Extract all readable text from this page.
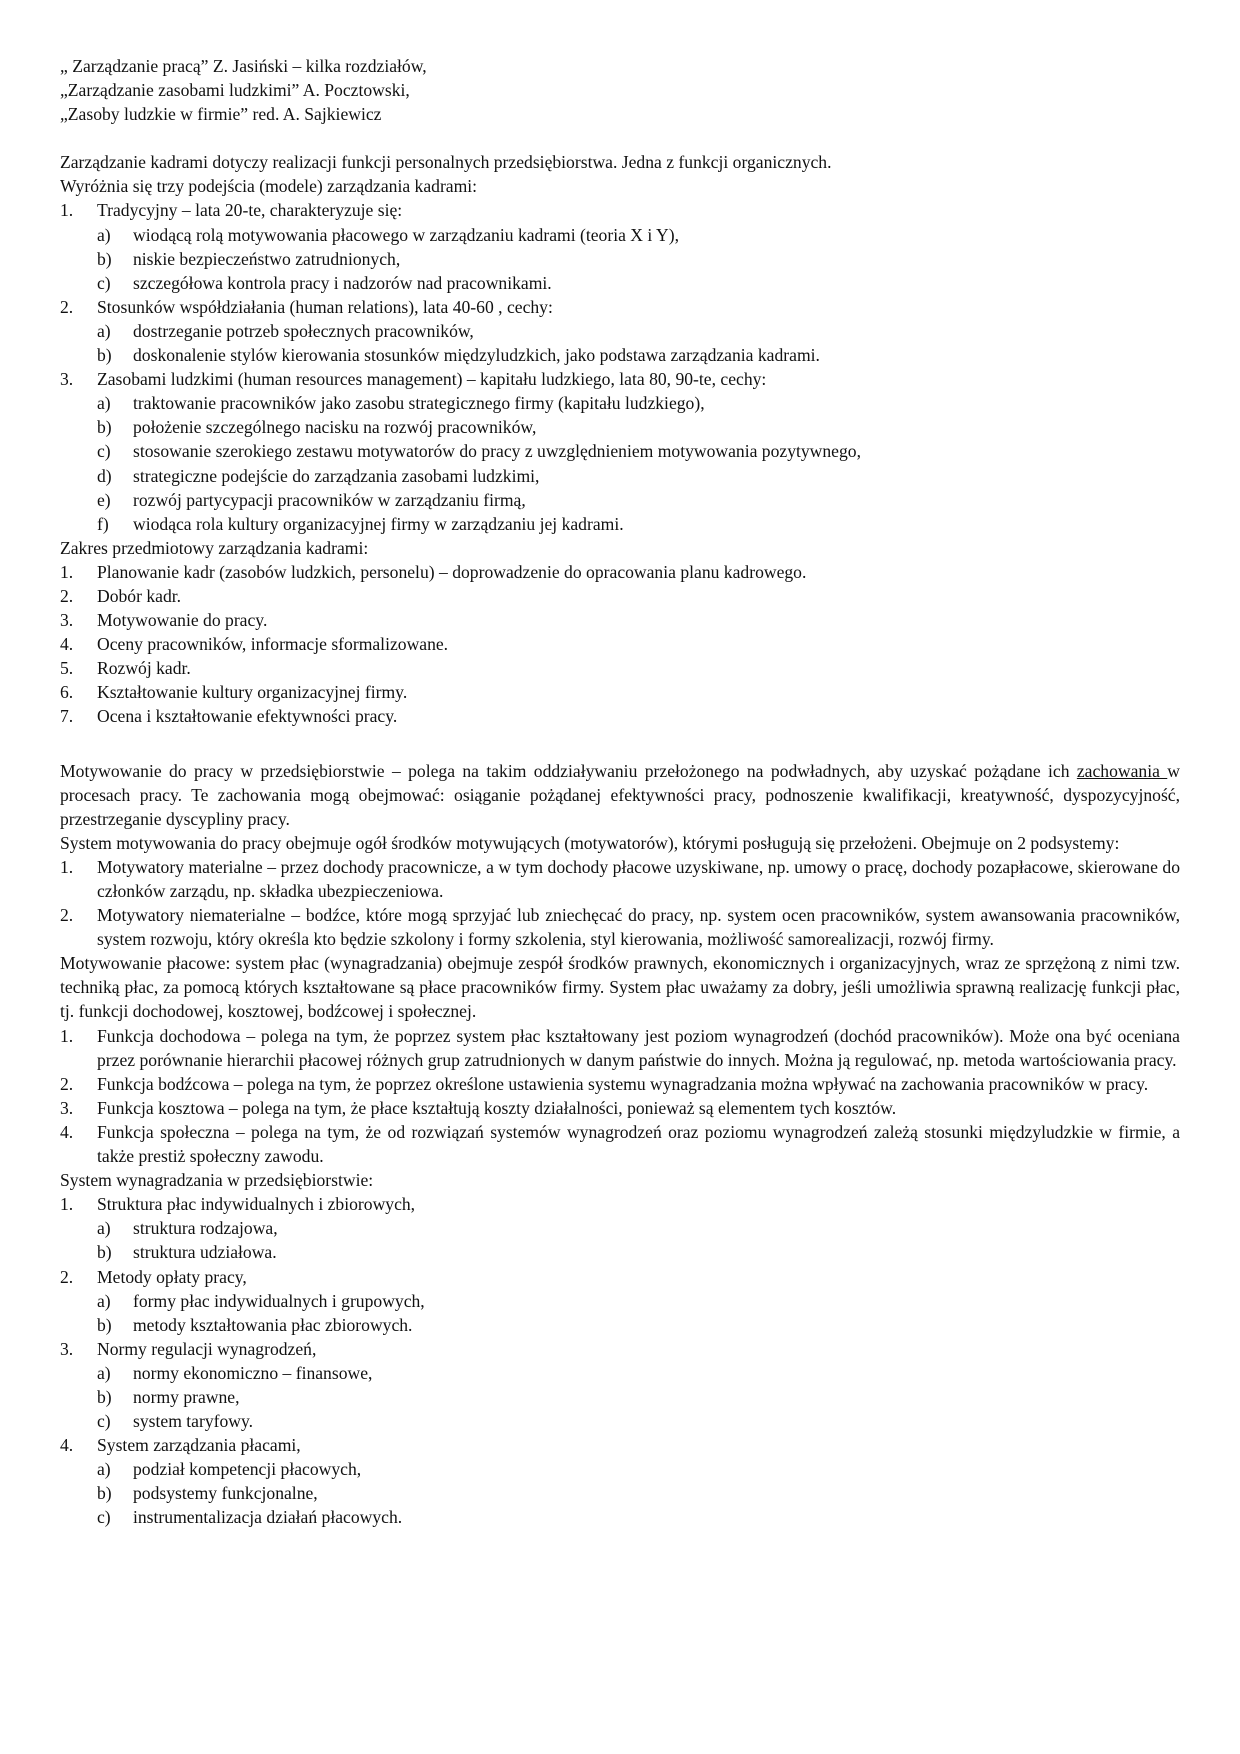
„ Zarządzanie pracą” Z. Jasiński – kilka rozdziałów,
„Zarządzanie zasobami ludzkimi” A. Pocztowski,
„Zasoby ludzkie w firmie” red. A. Sajkiewicz
Zarządzanie kadrami dotyczy realizacji funkcji personalnych przedsiębiorstwa. Jedna z funkcji organicznych.
Wyróżnia się trzy podejścia (modele) zarządzania kadrami:
1. Tradycyjny – lata 20-te, charakteryzuje się:
a) wiodącą rolą motywowania płacowego w zarządzaniu kadrami (teoria X i Y),
b) niskie bezpieczeństwo zatrudnionych,
c) szczegółowa kontrola pracy i nadzorów nad pracownikami.
2. Stosunków współdziałania (human relations), lata 40-60 , cechy:
a) dostrzeganie potrzeb społecznych pracowników,
b) doskonalenie stylów kierowania stosunków międzyludzkich, jako podstawa zarządzania kadrami.
3. Zasobami ludzkimi (human resources management) – kapitału ludzkiego, lata 80, 90-te, cechy:
a) traktowanie pracowników jako zasobu strategicznego firmy (kapitału ludzkiego),
b) położenie szczególnego nacisku na rozwój pracowników,
c) stosowanie szerokiego zestawu motywatorów do pracy z uwzględnieniem motywowania pozytywnego,
d) strategiczne podejście do zarządzania zasobami ludzkimi,
e) rozwój partycypacji pracowników w zarządzaniu firmą,
f) wiodąca rola kultury organizacyjnej firmy w zarządzaniu jej kadrami.
Zakres przedmiotowy zarządzania kadrami:
1. Planowanie kadr (zasobów ludzkich, personelu) – doprowadzenie do opracowania planu kadrowego.
2. Dobór kadr.
3. Motywowanie do pracy.
4. Oceny pracowników, informacje sformalizowane.
5. Rozwój kadr.
6. Kształtowanie kultury organizacyjnej firmy.
7. Ocena i kształtowanie efektywności pracy.
Motywowanie do pracy w przedsiębiorstwie – polega na takim oddziaływaniu przełożonego na podwładnych, aby uzyskać pożądane ich zachowania w procesach pracy. Te zachowania mogą obejmować: osiąganie pożądanej efektywności pracy, podnoszenie kwalifikacji, kreatywność, dyspozycyjność, przestrzeganie dyscypliny pracy.
System motywowania do pracy obejmuje ogół środków motywujących (motywatorów), którymi posługują się przełożeni. Obejmuje on 2 podsystemy:
1. Motywatory materialne – przez dochody pracownicze, a w tym dochody płacowe uzyskiwane, np. umowy o pracę, dochody pozapłacowe, skierowane do członków zarządu, np. składka ubezpieczeniowa.
2. Motywatory niematerialne – bodźce, które mogą sprzyjać lub zniechęcać do pracy, np. system ocen pracowników, system awansowania pracowników, system rozwoju, który określa kto będzie szkolony i formy szkolenia, styl kierowania, możliwość samorealizacji, rozwój firmy.
Motywowanie płacowe: system płac (wynagradzania) obejmuje zespół środków prawnych, ekonomicznych i organizacyjnych, wraz ze sprzężoną z nimi tzw. techniką płac, za pomocą których kształtowane są płace pracowników firmy. System płac uważamy za dobry, jeśli umożliwia sprawną realizację funkcji płac, tj. funkcji dochodowej, kosztowej, bodźcowej i społecznej.
1. Funkcja dochodowa – polega na tym, że poprzez system płac kształtowany jest poziom wynagrodzeń (dochód pracowników). Może ona być oceniana przez porównanie hierarchii płacowej różnych grup zatrudnionych w danym państwie do innych. Można ją regulować, np. metoda wartościowania pracy.
2. Funkcja bodźcowa – polega na tym, że poprzez określone ustawienia systemu wynagradzania można wpływać na zachowania pracowników w pracy.
3. Funkcja kosztowa – polega na tym, że płace kształtują koszty działalności, ponieważ są elementem tych kosztów.
4. Funkcja społeczna – polega na tym, że od rozwiązań systemów wynagrodzeń oraz poziomu wynagrodzeń zależą stosunki międzyludzkie w firmie, a także prestiż społeczny zawodu.
System wynagradzania w przedsiębiorstwie:
1. Struktura płac indywidualnych i zbiorowych,
a) struktura rodzajowa,
b) struktura udziałowa.
2. Metody opłaty pracy,
a) formy płac indywidualnych i grupowych,
b) metody kształtowania płac zbiorowych.
3. Normy regulacji wynagrodzeń,
a) normy ekonomiczno – finansowe,
b) normy prawne,
c) system taryfowy.
4. System zarządzania płacami,
a) podział kompetencji płacowych,
b) podsystemy funkcjonalne,
c) instrumentalizacja działań płacowych.
